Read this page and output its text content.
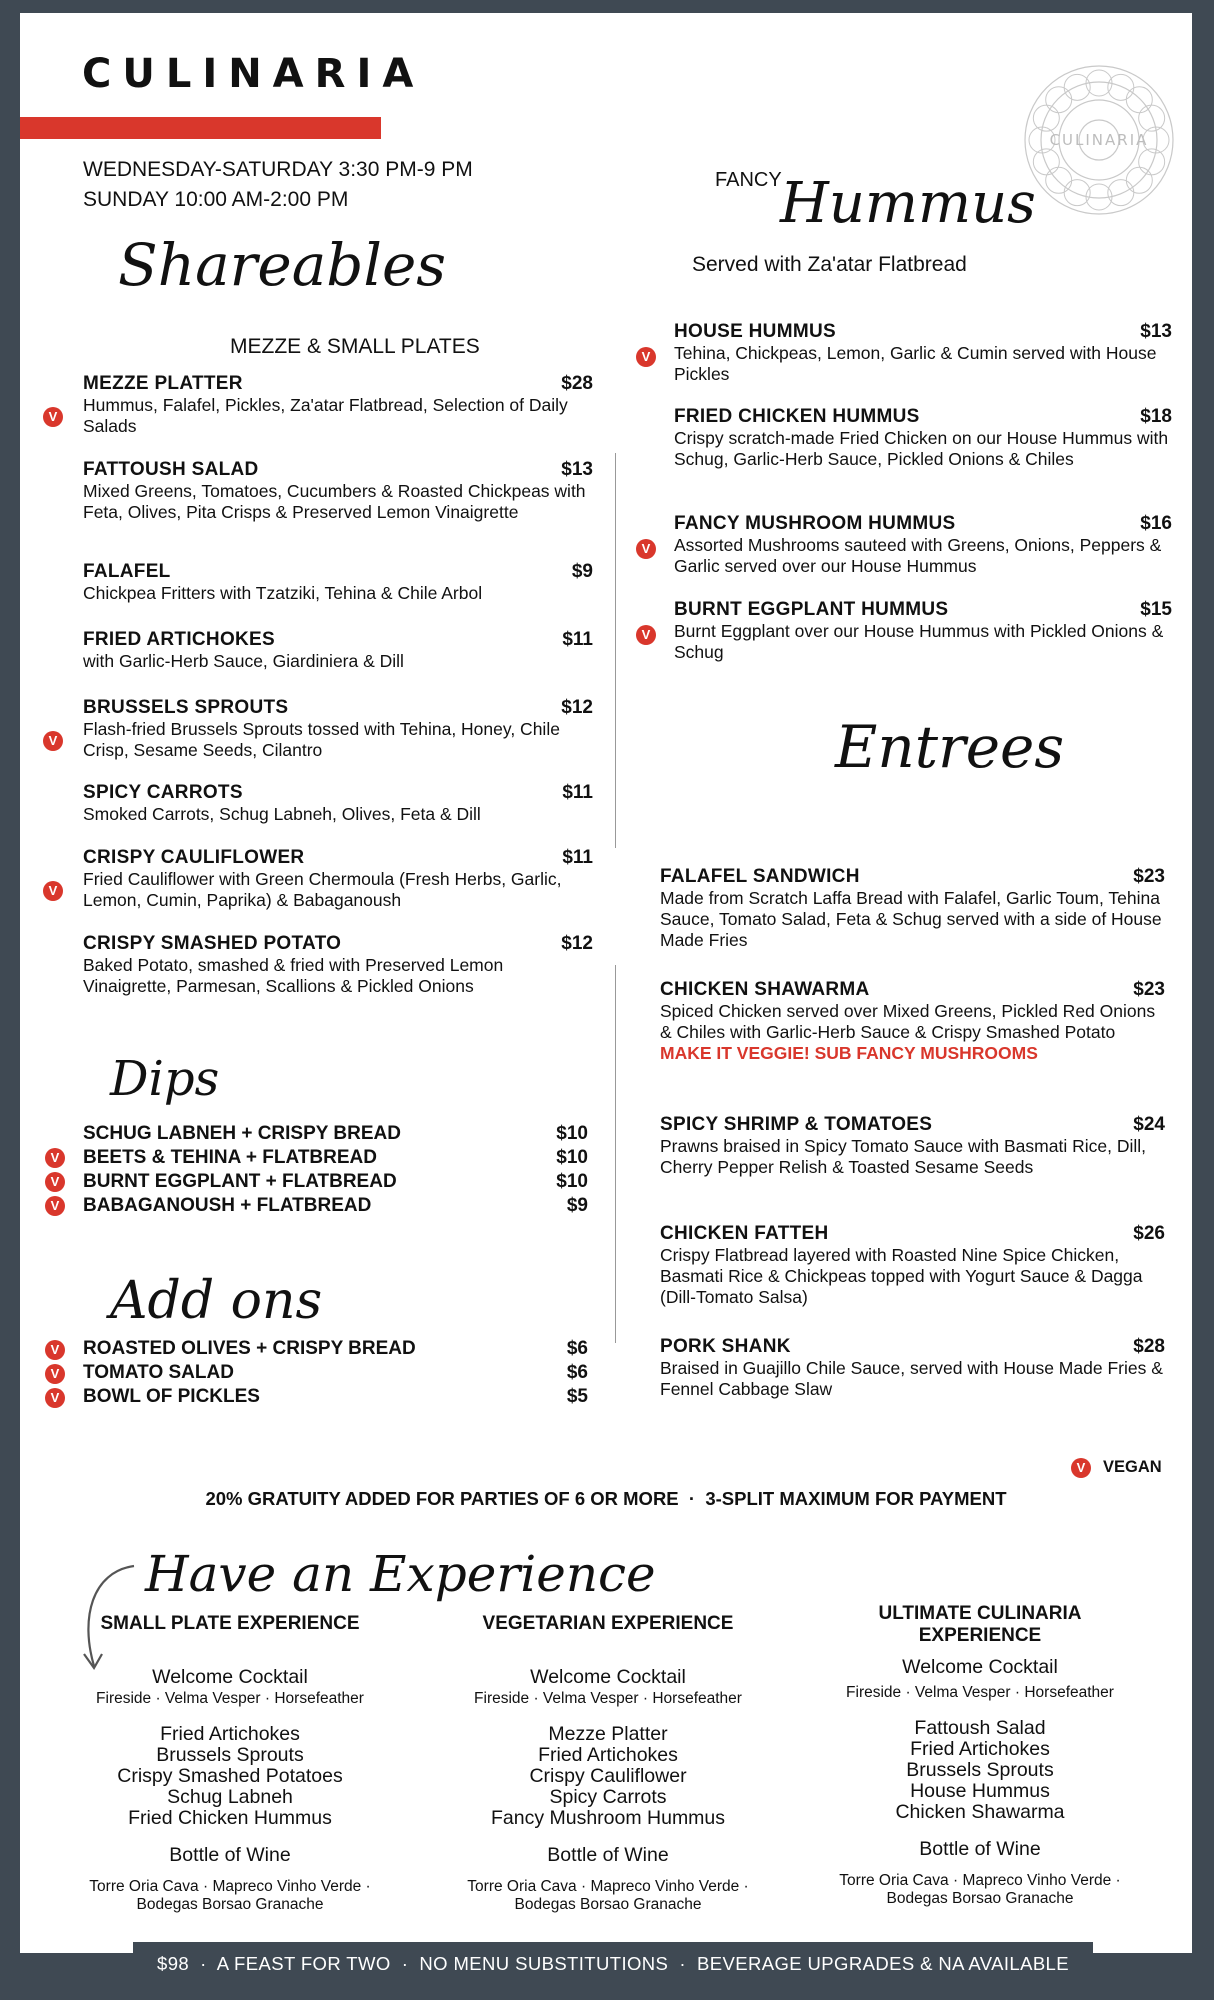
CULINARIA
WEDNESDAY-SATURDAY 3:30 PM-9 PM
SUNDAY 10:00 AM-2:00 PM
CULINARIA
Shareables
MEZZE & SMALL PLATES
MEZZE PLATTER	$28
Hummus, Falafel, Pickles, Za'atar Flatbread, Selection of Daily Salads
V
FATTOUSH SALAD	$13
Mixed Greens, Tomatoes, Cucumbers & Roasted Chickpeas with Feta, Olives, Pita Crisps & Preserved Lemon Vinaigrette
FALAFEL	$9
Chickpea Fritters with Tzatziki, Tehina & Chile Arbol
FRIED ARTICHOKES	$11
with Garlic-Herb Sauce, Giardiniera & Dill
BRUSSELS SPROUTS	$12
Flash-fried Brussels Sprouts tossed with Tehina, Honey, Chile Crisp, Sesame Seeds, Cilantro
V
SPICY CARROTS	$11
Smoked Carrots, Schug Labneh, Olives, Feta & Dill
CRISPY CAULIFLOWER	$11
Fried Cauliflower with Green Chermoula (Fresh Herbs, Garlic, Lemon, Cumin, Paprika) & Babaganoush
V
CRISPY SMASHED POTATO	$12
Baked Potato, smashed & fried with Preserved Lemon Vinaigrette, Parmesan, Scallions & Pickled Onions
Dips
SCHUG LABNEH + CRISPY BREAD	$10
BEETS & TEHINA + FLATBREAD	$10
V
BURNT EGGPLANT + FLATBREAD	$10
V
BABAGANOUSH + FLATBREAD	$9
V
Add ons
ROASTED OLIVES + CRISPY BREAD	$6
V
TOMATO SALAD	$6
V
BOWL OF PICKLES	$5
V
FANCY
Hummus
Served with Za'atar Flatbread
HOUSE HUMMUS	$13
Tehina, Chickpeas, Lemon, Garlic & Cumin served with House Pickles
V
FRIED CHICKEN HUMMUS	$18
Crispy scratch-made Fried Chicken on our House Hummus with Schug, Garlic-Herb Sauce, Pickled Onions & Chiles
FANCY MUSHROOM HUMMUS	$16
Assorted Mushrooms sauteed with Greens, Onions, Peppers & Garlic served over our House Hummus
V
BURNT EGGPLANT HUMMUS	$15
Burnt Eggplant over our House Hummus with Pickled Onions & Schug
V
Entrees
FALAFEL SANDWICH	$23
Made from Scratch Laffa Bread with Falafel, Garlic Toum, Tehina Sauce, Tomato Salad, Feta & Schug served with a side of House Made Fries
CHICKEN SHAWARMA	$23
Spiced Chicken served over Mixed Greens, Pickled Red Onions & Chiles with Garlic-Herb Sauce & Crispy Smashed Potato
MAKE IT VEGGIE! SUB FANCY MUSHROOMS
SPICY SHRIMP & TOMATOES	$24
Prawns braised in Spicy Tomato Sauce with Basmati Rice, Dill, Cherry Pepper Relish & Toasted Sesame Seeds
CHICKEN FATTEH	$26
Crispy Flatbread layered with Roasted Nine Spice Chicken, Basmati Rice & Chickpeas topped with Yogurt Sauce & Dagga (Dill-Tomato Salsa)
PORK SHANK	$28
Braised in Guajillo Chile Sauce, served with House Made Fries & Fennel Cabbage Slaw
V	VEGAN
20% GRATUITY ADDED FOR PARTIES OF 6 OR MORE  ·  3-SPLIT MAXIMUM FOR PAYMENT
Have an Experience
SMALL PLATE EXPERIENCE
Welcome Cocktail
Fireside · Velma Vesper · Horsefeather
Fried Artichokes
Brussels Sprouts
Crispy Smashed Potatoes
Schug Labneh
Fried Chicken Hummus
Bottle of Wine
Torre Oria Cava · Mapreco Vinho Verde · Bodegas Borsao Granache
VEGETARIAN EXPERIENCE
Welcome Cocktail
Fireside · Velma Vesper · Horsefeather
Mezze Platter
Fried Artichokes
Crispy Cauliflower
Spicy Carrots
Fancy Mushroom Hummus
Bottle of Wine
Torre Oria Cava · Mapreco Vinho Verde · Bodegas Borsao Granache
ULTIMATE CULINARIA EXPERIENCE
Welcome Cocktail
Fireside · Velma Vesper · Horsefeather
Fattoush Salad
Fried Artichokes
Brussels Sprouts
House Hummus
Chicken Shawarma
Bottle of Wine
Torre Oria Cava · Mapreco Vinho Verde · Bodegas Borsao Granache
$98  ·  A FEAST FOR TWO  ·  NO MENU SUBSTITUTIONS  ·  BEVERAGE UPGRADES & NA AVAILABLE
